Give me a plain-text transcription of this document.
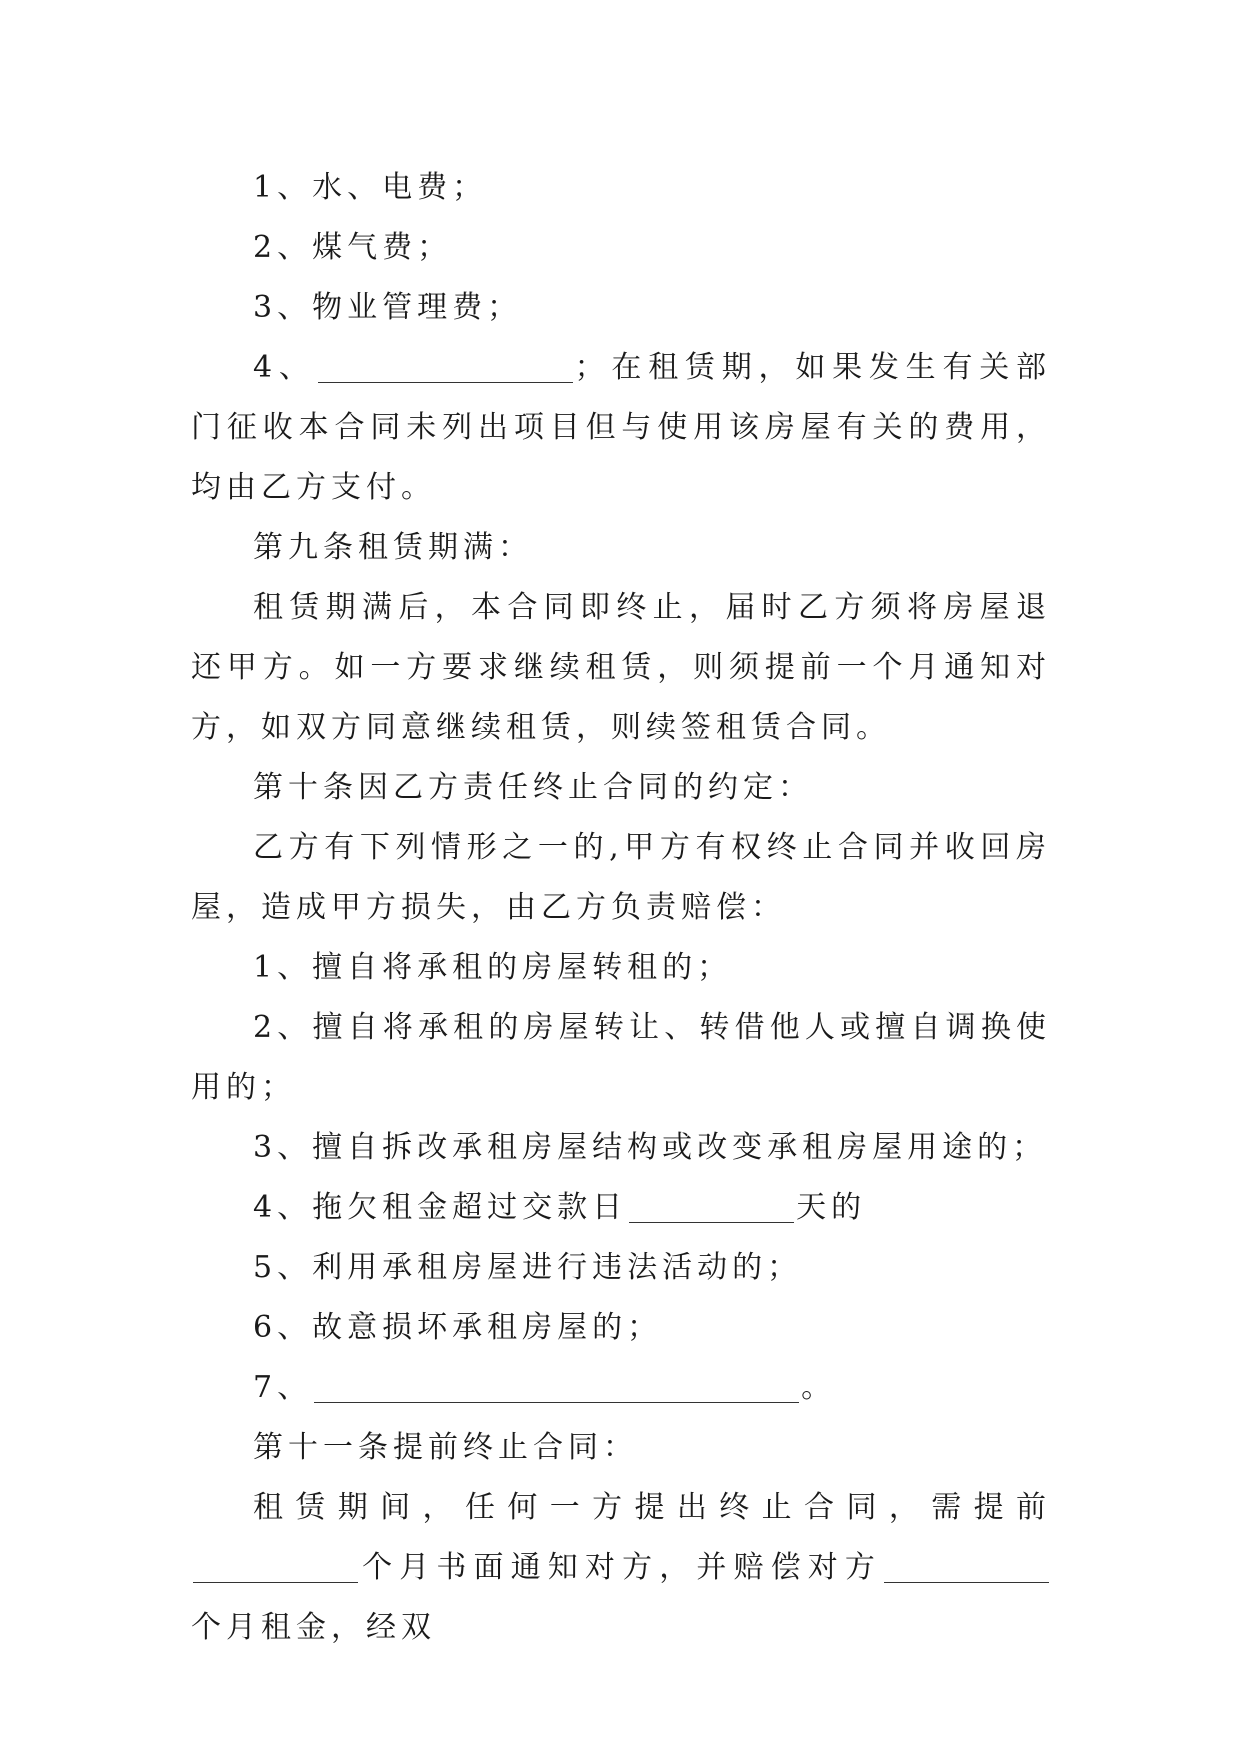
1、水、电费；

2、煤气费；

3、物业管理费；

4、	；在租赁期，如果发生有关部门征收本合同未列出项目但与使用该房屋有关的费用，均由乙方支付。

第九条租赁期满：

租赁期满后，本合同即终止，届时乙方须将房屋退还甲方。如一方要求继续租赁，则须提前一个月通知对方，如双方同意继续租赁，则续签租赁合同。

第十条因乙方责任终止合同的约定：

乙方有下列情形之一的,甲方有权终止合同并收回房屋，造成甲方损失，由乙方负责赔偿：

1、擅自将承租的房屋转租的；

2、擅自将承租的房屋转让、转借他人或擅自调换使用的；

3、擅自拆改承租房屋结构或改变承租房屋用途的；

4、拖欠租金超过交款日	天的

5、利用承租房屋进行违法活动的；

6、故意损坏承租房屋的；

7、	。

第十一条提前终止合同：

租赁期间，任何一方提出终止合同，需提前个月书面通知对方，并赔偿对方个月租金，经双
